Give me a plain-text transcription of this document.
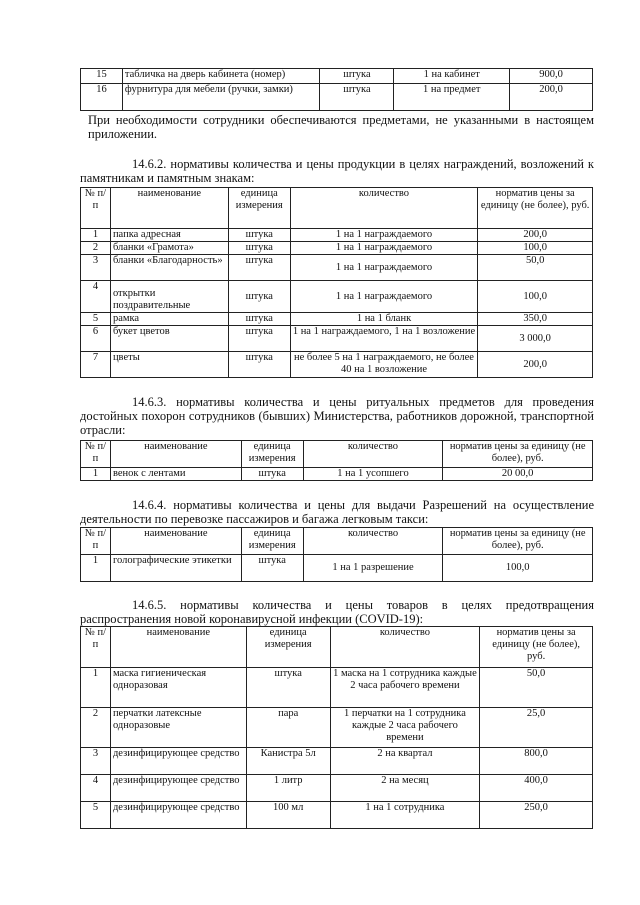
15	табличка на дверь кабинета (номер)	штука	1 на кабинет	900,0
16	фурнитура для мебели (ручки, замки)	штука	1 на предмет	200,0
При необходимости сотрудники обеспечиваются предметами, не указанными в настоящем приложении.
14.6.2. нормативы количества и цены продукции в целях награждений, возложений к памятникам и памятным знакам:
№ п/п	наименование	единица измерения	количество	норматив цены за единицу (не более), руб.
1	папка адресная	штука	1 на 1 награждаемого	200,0
2	бланки «Грамота»	штука	1 на 1 награждаемого	100,0
3	бланки «Благодарность»	штука	1 на 1 награждаемого	50,0
4	открытки поздравительные	штука	1 на 1 награждаемого	100,0
5	рамка	штука	1 на 1 бланк	350,0
6	букет цветов	штука	1 на 1 награждаемого, 1 на 1 возложение	3 000,0
7	цветы	штука	не более 5 на 1 награждаемого, не более 40 на 1 возложение	200,0
14.6.3. нормативы количества и цены ритуальных предметов для проведения достойных похорон сотрудников (бывших) Министерства, работников дорожной, транспортной отрасли:
№ п/п	наименование	единица измерения	количество	норматив цены за единицу (не более), руб.
1	венок с лентами	штука	1 на 1 усопшего	20 00,0
14.6.4. нормативы количества и цены для выдачи Разрешений на осуществление деятельности по перевозке пассажиров и багажа легковым такси:
№ п/п	наименование	единица измерения	количество	норматив цены за единицу (не более), руб.
1	голографические этикетки	штука	1 на 1 разрешение	100,0
14.6.5. нормативы количества и цены товаров в целях предотвращения распространения новой коронавирусной инфекции (COVID-19):
№ п/п	наименование	единица измерения	количество	норматив цены за единицу (не более), руб.
1	маска гигиеническая одноразовая	штука	1 маска на 1 сотрудника каждые 2 часа рабочего времени	50,0
2	перчатки латексные одноразовые	пара	1 перчатки на 1 сотрудника каждые 2 часа рабочего времени	25,0
3	дезинфицирующее средство	Канистра 5л	2 на квартал	800,0
4	дезинфицирующее средство	1 литр	2 на месяц	400,0
5	дезинфицирующее средство	100 мл	1 на 1 сотрудника	250,0
